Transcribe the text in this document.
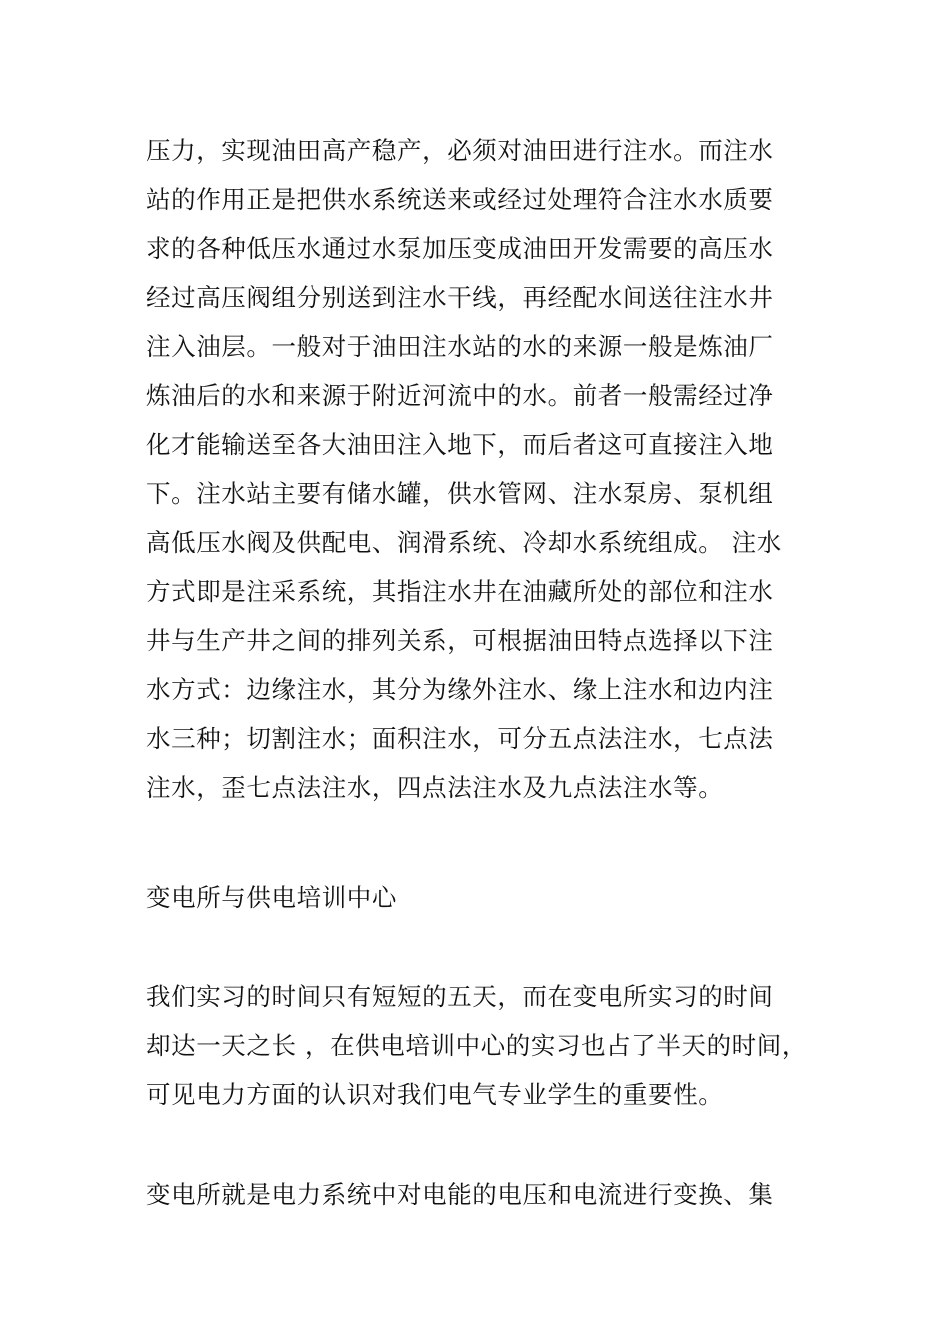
压力，实现油田高产稳产，必须对油田进行注水。而注水
站的作用正是把供水系统送来或经过处理符合注水水质要
求的各种低压水通过水泵加压变成油田开发需要的高压水
经过高压阀组分别送到注水干线，再经配水间送往注水井
注入油层。一般对于油田注水站的水的来源一般是炼油厂
炼油后的水和来源于附近河流中的水。前者一般需经过净
化才能输送至各大油田注入地下，而后者这可直接注入地
下。注水站主要有储水罐，供水管网、注水泵房、泵机组
高低压水阀及供配电、润滑系统、冷却水系统组成。 注水
方式即是注采系统，其指注水井在油藏所处的部位和注水
井与生产井之间的排列关系，可根据油田特点选择以下注
水方式：边缘注水，其分为缘外注水、缘上注水和边内注
水三种；切割注水；面积注水，可分五点法注水，七点法
注水，歪七点法注水，四点法注水及九点法注水等。
变电所与供电培训中心
我们实习的时间只有短短的五天，而在变电所实习的时间
却达一天之长 ，在供电培训中心的实习也占了半天的时间，
可见电力方面的认识对我们电气专业学生的重要性。
变电所就是电力系统中对电能的电压和电流进行变换、集
